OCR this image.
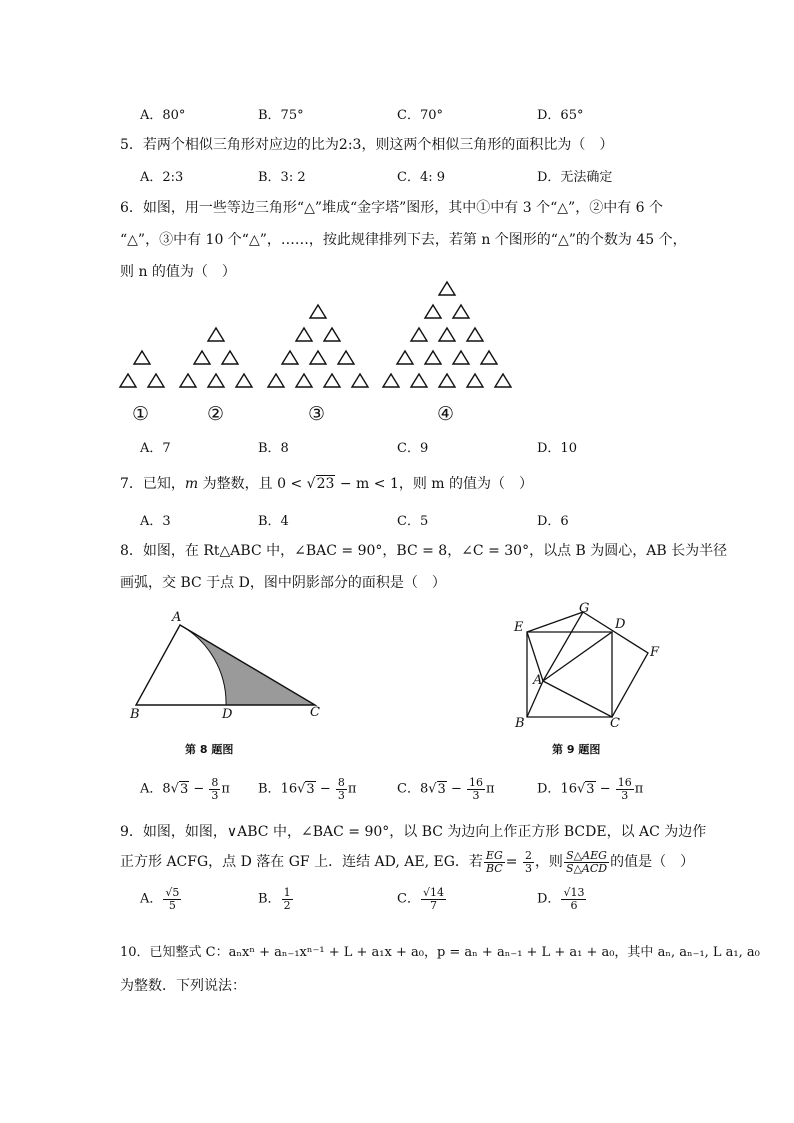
A．80°	B．75°	C．70°	D．65°
5．若两个相似三角形对应边的比为2:3，则这两个相似三角形的面积比为（　）
A．2:3	B．3: 2	C．4: 9	D．无法确定
6．如图，用一些等边三角形“△”堆成“金字塔”图形，其中①中有 3 个“△”，②中有 6 个
“△”，③中有 10 个“△”，……，按此规律排列下去，若第 n 个图形的“△”的个数为 45 个，
则 n 的值为（　）
①	②	③	④
A．7	B．8	C．9	D．10
7．已知，m 为整数，且 0 < √23 − m < 1，则 m 的值为（　）
A．3	B．4	C．5	D．6
8．如图，在 Rt△ABC 中，∠BAC = 90°，BC = 8，∠C = 30°，以点 B 为圆心，AB 长为半径
画弧，交 BC 于点 D，图中阴影部分的面积是（　）
A
B	D	C
第 8 题图
G
E	D
F
A
B	C
第 9 题图
A．$8√3 - \frac{8}{3}$ π B．$16√3 - \frac{8}{3}$ π	C．$8√3 - \frac{16}{3}$ π	D．$16√3 - \frac{16}{3}$ π
9．如图，如图，∨ABC 中，∠BAC = 90°，以 BC 为边向上作正方形 BCDE，以 AC 为边作
正方形 ACFG，点 D 落在 GF 上．连结 AD, AE, EG．若 $\frac{EG}{BC} = \frac{2}{3}$ ，则 $\frac{\text{S△AEG}}{\text{S△ACD}}$ 的值是（　）
A． $\frac{√5}{5}$	B． $\frac{1}{2}$	C． $\frac{√14}{7}$	D． $\frac{√13}{6}$
10．已知整式 C：aₙxⁿ + aₙ₋₁xⁿ⁻¹ + L + a₁x + a₀，p = aₙ + aₙ₋₁ + L + a₁ + a₀，其中 aₙ, aₙ₋₁, L a₁, a₀
为整数．下列说法：
